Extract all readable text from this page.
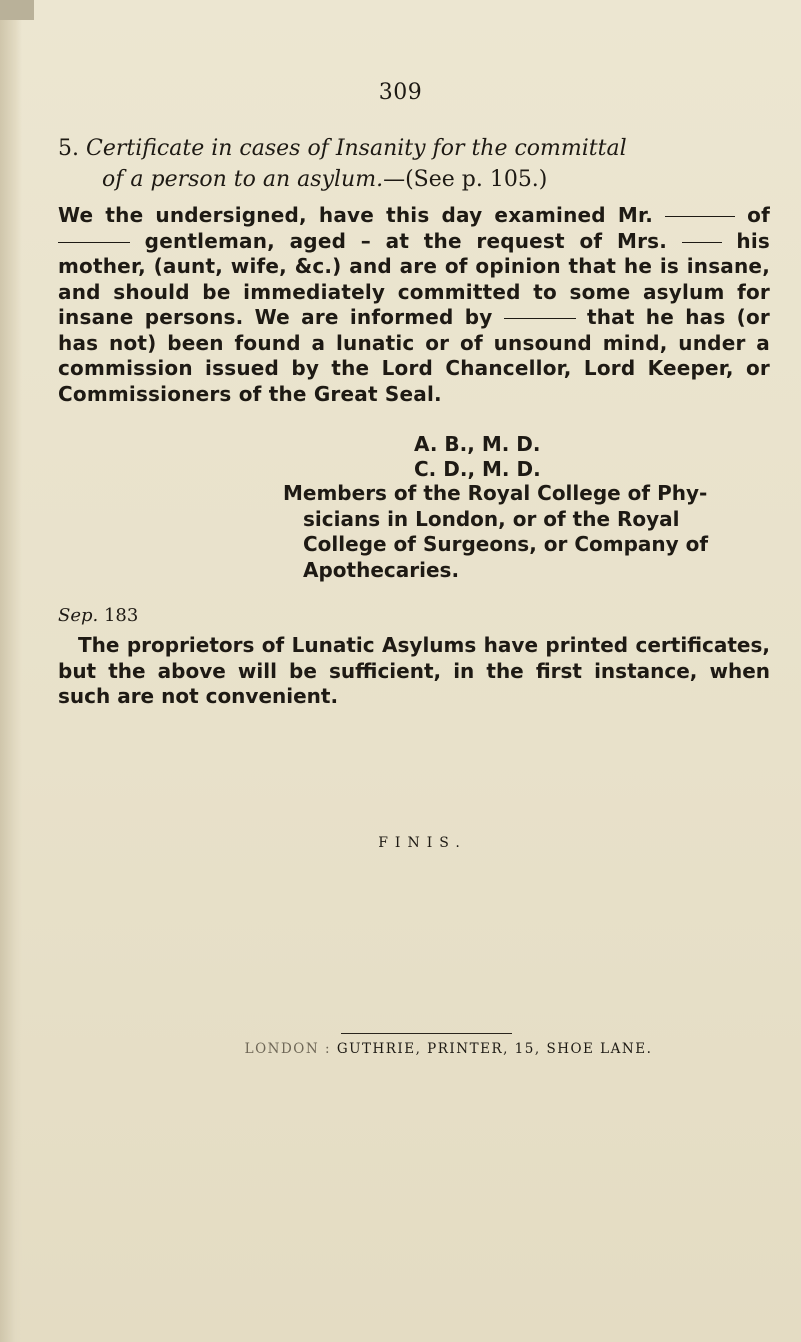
309
5. Certificate in cases of Insanity for the committal
of a person to an asylum.—(See p. 105.)
We the undersigned, have this day examined Mr.	of  gentleman, aged – at the request of Mrs.	his mother, (aunt, wife, &c.) and are of opinion that he is insane, and should be immediately committed to some asylum for insane persons. We are informed by	that he has (or has not) been found a lunatic or of unsound mind, under a commission issued by the Lord Chancellor, Lord Keeper, or Commissioners of the Great Seal.
A. B., M. D.
C. D., M. D.
Members of the Royal College of Phy-
sicians in London, or of the Royal
College of Surgeons, or Company of
Apothecaries.
Sep. 183
The proprietors of Lunatic Asylums have printed certificates, but the above will be sufficient, in the first instance, when such are not convenient.
FINIS.
LONDON : GUTHRIE, PRINTER, 15, SHOE LANE.
